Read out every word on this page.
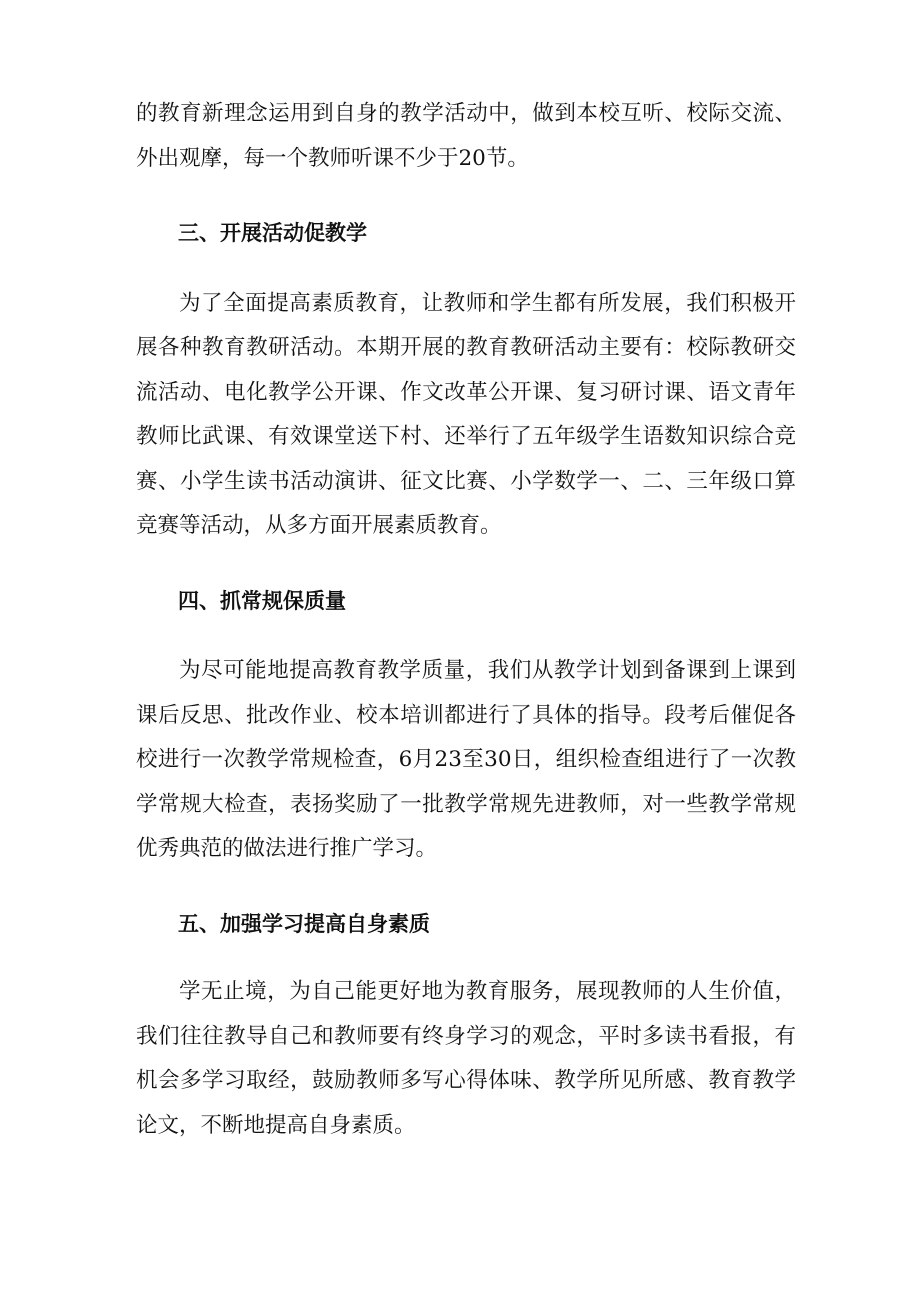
的教育新理念运用到自身的教学活动中，做到本校互听、校际交流、外出观摩，每一个教师听课不少于20节。

三、开展活动促教学

为了全面提高素质教育，让教师和学生都有所发展，我们积极开展各种教育教研活动。本期开展的教育教研活动主要有：校际教研交流活动、电化教学公开课、作文改革公开课、复习研讨课、语文青年教师比武课、有效课堂送下村、还举行了五年级学生语数知识综合竞赛、小学生读书活动演讲、征文比赛、小学数学一、二、三年级口算竞赛等活动，从多方面开展素质教育。

四、抓常规保质量

为尽可能地提高教育教学质量，我们从教学计划到备课到上课到课后反思、批改作业、校本培训都进行了具体的指导。段考后催促各校进行一次教学常规检查，6月23至30日，组织检查组进行了一次教学常规大检查，表扬奖励了一批教学常规先进教师，对一些教学常规优秀典范的做法进行推广学习。

五、加强学习提高自身素质

学无止境，为自己能更好地为教育服务，展现教师的人生价值，我们往往教导自己和教师要有终身学习的观念，平时多读书看报，有机会多学习取经，鼓励教师多写心得体味、教学所见所感、教育教学论文，不断地提高自身素质。
